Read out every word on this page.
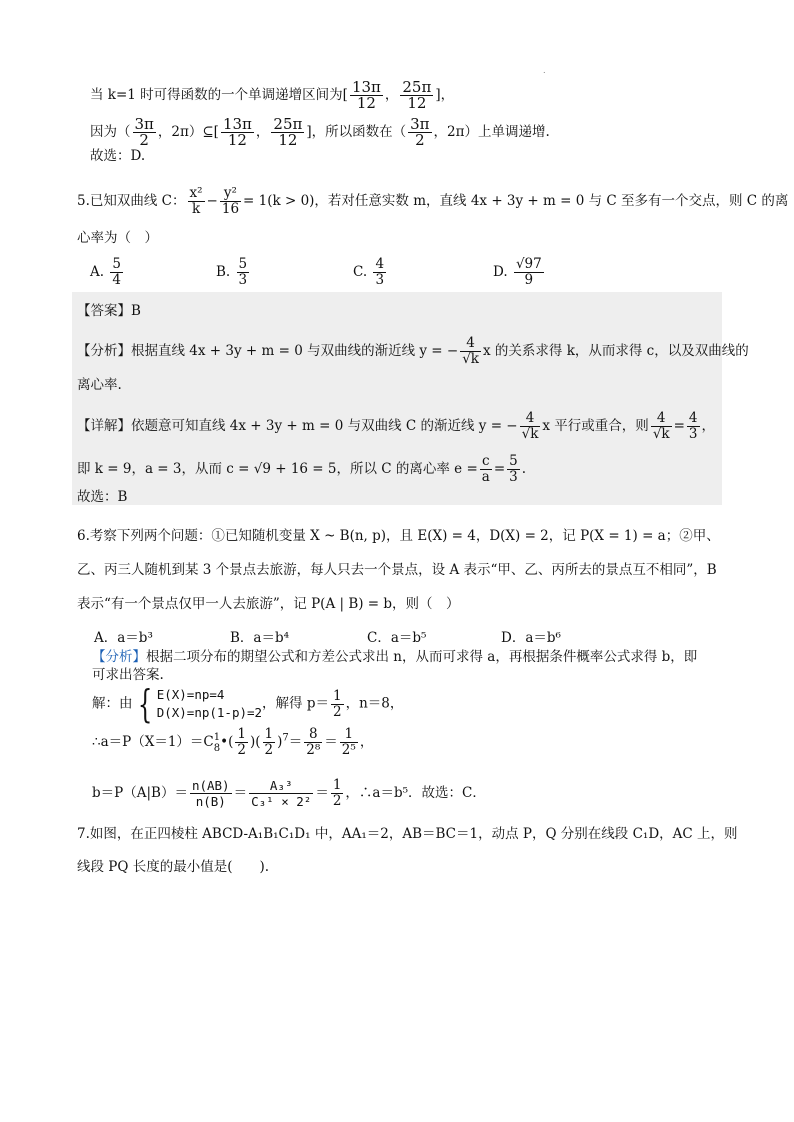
.
当 k=1 时可得函数的一个单调递增区间为[ $\frac{13\pi}{12}$ ， $\frac{25\pi}{12}$ ]，
因为（ $\frac{3\pi}{2}$ ，2π）⊆[ $\frac{13\pi}{12}$ ， $\frac{25\pi}{12}$ ]，所以函数在（ $\frac{3\pi}{2}$ ，2π）上单调递增.
故选：D.
5.已知双曲线 C： $\frac{\text{x²}}{k} - \frac{\text{y²}}{16} = 1(k > 0)$，若对任意实数 m，直线 4x + 3y + m = 0 与 C 至多有一个交点，则 C 的离
心率为（　）
A. $\frac{5}{4}$	B. $\frac{5}{3}$	C. $\frac{4}{3}$	D. $\frac{√97}{9}$
【答案】B
【分析】根据直线 4x + 3y + m = 0 与双曲线的渐近线 y = − $\frac{4}{√k}$ x 的关系求得 k，从而求得 c，以及双曲线的
离心率.
【详解】依题意可知直线 4x + 3y + m = 0 与双曲线 C 的渐近线 y = − $\frac{4}{√k}$ x 平行或重合，则 $\frac{4}{√k} = \frac{4}{3}$ ，
即 k = 9，a = 3，从而 c = √9 + 16 = 5，所以 C 的离心率 $e = \frac{c}{a} = \frac{5}{3}$ .
故选：B
6.考察下列两个问题：①已知随机变量 X ~ B(n, p)，且 E(X) = 4，D(X) = 2，记 P(X = 1) = a；②甲、
乙、丙三人随机到某 3 个景点去旅游，每人只去一个景点，设 A 表示“甲、乙、丙所去的景点互不相同”，B
表示“有一个景点仅甲一人去旅游”，记 P(A | B) = b，则（　）
A．a＝b³	B．a＝b⁴	C．a＝b⁵	D．a＝b⁶
【分析】根据二项分布的期望公式和方差公式求出 n，从而可求得 a，再根据条件概率公式求得 b，即
可求出答案.
解：由 { E(X)=np=4
D(X)=np(1-p)=2
，解得 $p= \frac{1}{2}$ ，n＝8，
∴a＝P（X＝1）＝C 1
8 •( $\frac{1}{2}$ )( $\frac{1}{2} )^7= \frac{8}{\text{2⁸}} = \frac{1}{\text{2⁵}}$ ，
$b=P(A|B)= \frac{n(AB)}{n(B)} = \frac{\text{A₃³}}{\text{C₃¹ × 2²}} = \frac{1}{2}$ ，∴a＝b⁵．故选：C．
7.如图，在正四棱柱 ABCD-A₁B₁C₁D₁ 中，AA₁＝2，AB＝BC＝1，动点 P，Q 分别在线段 C₁D，AC 上，则
线段 PQ 长度的最小值是(　　).
